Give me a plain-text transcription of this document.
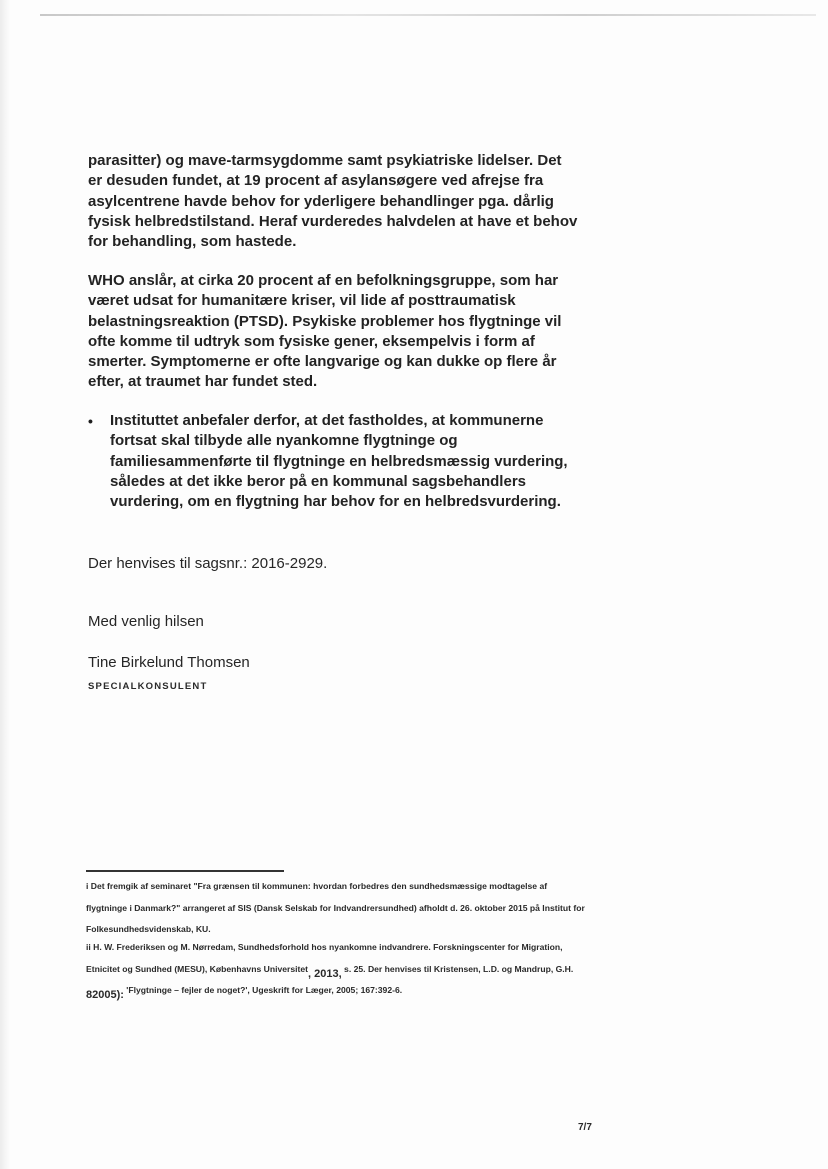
parasitter) og mave-tarmsygdomme samt psykiatriske lidelser. Det er desuden fundet, at 19 procent af asylansøgere ved afrejse fra asylcentrene havde behov for yderligere behandlinger pga. dårlig fysisk helbredstilstand. Heraf vurderedes halvdelen at have et behov for behandling, som hastede.

WHO anslår, at cirka 20 procent af en befolkningsgruppe, som har været udsat for humanitære kriser, vil lide af posttraumatisk belastningsreaktion (PTSD). Psykiske problemer hos flygtninge vil ofte komme til udtryk som fysiske gener, eksempelvis i form af smerter. Symptomerne er ofte langvarige og kan dukke op flere år efter, at traumet har fundet sted.

• Instituttet anbefaler derfor, at det fastholdes, at kommunerne fortsat skal tilbyde alle nyankomne flygtninge og familiesammenførte til flygtninge en helbredsmæssig vurdering, således at det ikke beror på en kommunal sagsbehandlers vurdering, om en flygtning har behov for en helbredsvurdering.

Der henvises til sagsnr.: 2016-2929.

Med venlig hilsen

Tine Birkelund Thomsen

SPECIALKONSULENT

i Det fremgik af seminaret "Fra grænsen til kommunen: hvordan forbedres den sundhedsmæssige modtagelse af flygtninge i Danmark?" arrangeret af SIS (Dansk Selskab for Indvandrersundhed) afholdt d. 26. oktober 2015 på Institut for Folkesundhedsvidenskab, KU.

ii H. W. Frederiksen og M. Nørredam, Sundhedsforhold hos nyankomne indvandrere. Forskningscenter for Migration, Etnicitet og Sundhed (MESU), Københavns Universitet, 2013, s. 25. Der henvises til Kristensen, L.D. og Mandrup, G.H. 82005): 'Flygtninge – fejler de noget?', Ugeskrift for Læger, 2005; 167:392-6.

7/7
